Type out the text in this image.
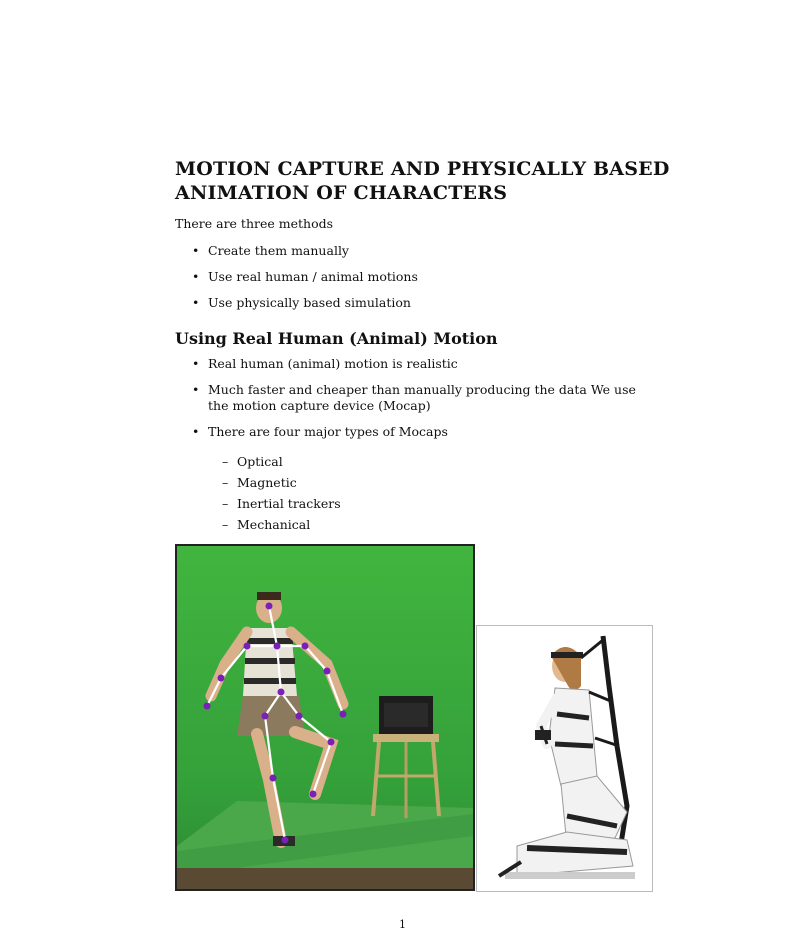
MOTION CAPTURE AND PHYSICALLY BASED ANIMATION OF CHARACTERS

There are three methods

• Create them manually
• Use real human / animal motions
• Use physically based simulation
Using Real Human (Animal) Motion
• Real human (animal) motion is realistic
• Much faster and cheaper than manually producing the data We use the motion capture device (Mocap)
• There are four major types of Mocaps
– Optical
– Magnetic
– Inertial trackers
– Mechanical
1
